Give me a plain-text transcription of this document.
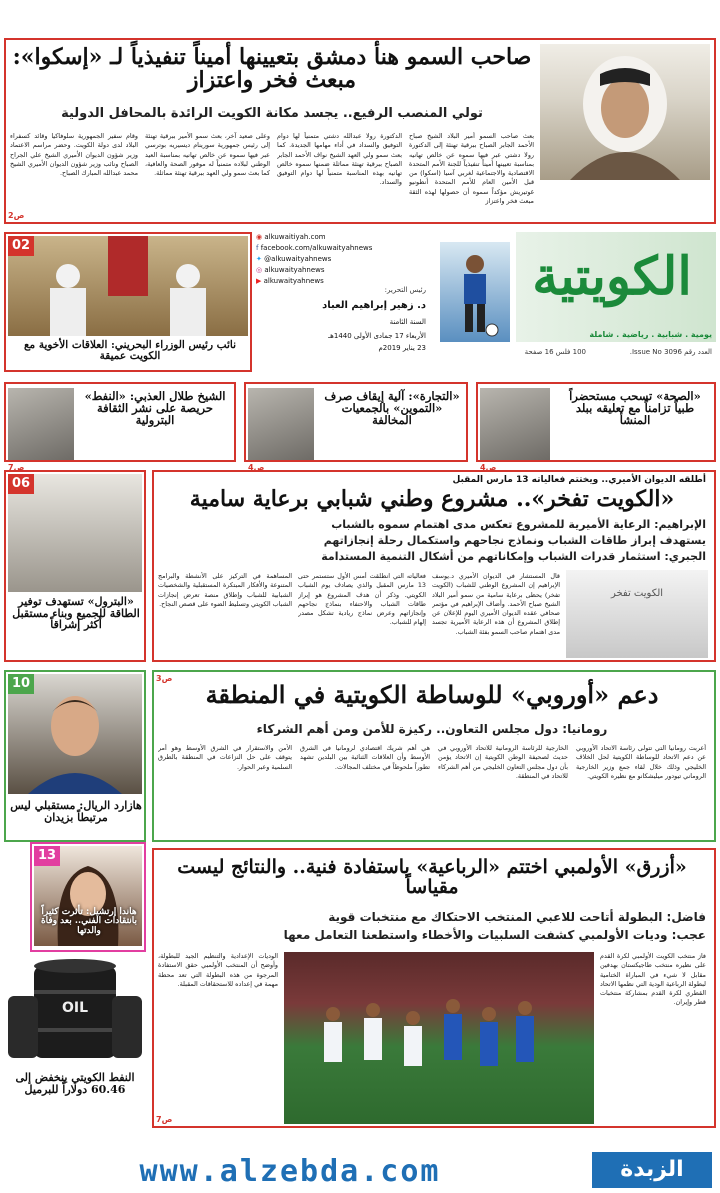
صاحب السمو هنأ دمشق بتعيينها أميناً تنفيذياً لـ «إسكوا»: مبعث فخر واعتزاز
تولي المنصب الرفيع.. يجسد مكانة الكويت الرائدة بالمحافل الدولية
بعث صاحب السمو أمير البلاد الشيخ صباح الأحمد الجابر الصباح ببرقية تهنئة إلى الدكتورة رولا دشتي عبر فيها سموه عن خالص تهانيه بمناسبة تعيينها أميناً تنفيذياً للجنة الأمم المتحدة الاقتصادية والاجتماعية لغربي آسيا (اسكوا) من قبل الأمين العام للأمم المتحدة أنطونيو غوتيريش مؤكداً سموه أن حصولها لهذه الثقة مبعث فخر واعتزاز
الدكتورة رولا عبدالله دشتي متمنياً لها دوام التوفيق والسداد في أداء مهامها الجديدة. كما بعث سمو ولي العهد الشيخ نواف الأحمد الجابر الصباح ببرقية تهنئة مماثلة ضمنها سموه خالص تهانيه بهذه المناسبة متمنياً لها دوام التوفيق والسداد.
وعلى صعيد آخر، بعث سمو الأمير ببرقية تهنئة إلى رئيس جمهورية سورينام ديسيريه بوترسي عبر فيها سموه عن خالص تهانيه بمناسبة العيد الوطني لبلاده متمنياً له موفور الصحة والعافية، كما بعث سمو ولي العهد ببرقية تهنئة مماثلة.
وقام سفير الجمهورية سلوفاكيا وقائد كسفراء البلاد لدى دولة الكويت. وحضر مراسم الاعتماد وزير شؤون الديوان الأميري الشيخ علي الجراح الصباح ونائب وزير شؤون الديوان الأميري الشيخ محمد عبدالله المبارك الصباح.
ص2
الكويتية
يومية . شبابية . رياضية . شاملة
العدد رقم 3096 Issue No.
100 فلس 16 صفحة
رئيس التحرير:
د. زهير إبراهيم العباد
السنة الثامنة
الأربعاء 17 جمادى الأولى 1440هـ
23 يناير 2019م
◉ alkuwaitiyah.com
f facebook.com/alkuwaityahnews
✦ @alkuwaityahnews
◎ alkuwaityahnews
▶ alkuwaityahnews
02
نائب رئيس الوزراء البحريني: العلاقات الأخوية مع الكويت عميقة
الشيخ طلال العذبي: «النفط» حريصة على نشر الثقافة البترولية
ص7
«التجارة»: آلية إيقاف صرف «التموين» بالجمعيات المخالفة
ص4
«الصحة» تسحب مستحضراً طبياً تزامناً مع تعليقه ببلد المنشأ
ص4
06
«البترول» تستهدف توفير الطاقة للجميع وبناء مستقبل أكثر إشراقاً
أطلقه الديوان الأميري.. ويختتم فعالياته 13 مارس المقبل
«الكويت تفخر».. مشروع وطني شبابي برعاية سامية
الإبراهيم: الرعاية الأميرية للمشروع تعكس مدى اهتمام سموه بالشباب
يستهدف إبراز طاقات الشباب ونماذج نجاحهم واستكمال رحلة إنجازاتهم
الجبري: استثمار قدرات الشباب وإمكاناتهم من أشكال التنمية المستدامة
الكويت تفخر
قال المستشار في الديوان الأميري د.يوسف الإبراهيم إن المشروع الوطني للشباب (الكويت تفخر) يحظى برعاية سامية من سمو أمير البلاد الشيخ صباح الأحمد. وأضاف الإبراهيم في مؤتمر صحافي عقده الديوان الأميري اليوم للإعلان عن إطلاق المشروع أن هذه الرعاية الأميرية تجسد مدى اهتمام صاحب السمو بفئة الشباب.
فعالياته التي انطلقت أمس الأول ستستمر حتى 13 مارس المقبل والذي يصادف يوم الشباب الكويتي. وذكر أن هدف المشروع هو إبراز طاقات الشباب والاحتفاء بنماذج نجاحهم وإنجازاتهم وعرض نماذج ريادية تشكل مصدر إلهام للشباب.
المساهمة في التركيز على الأنشطة والبرامج المتنوعة والأفكار المبتكرة المستقبلية والشخصيات الشبابية للشباب وإطلاق منصة تعرض إنجازات الشباب الكويتي وتسليط الضوء على قصص النجاح.
10
هازارد الريال: مستقبلي ليس مرتبطاً بزيدان
دعم «أوروبي» للوساطة الكويتية في المنطقة
رومانيا: دول مجلس التعاون.. ركيزة للأمن ومن أهم الشركاء
أعربت رومانيا التي تتولى رئاسة الاتحاد الأوروبي عن دعم الاتحاد للوساطة الكويتية لحل الخلاف الخليجي وذلك خلال لقاء جمع وزير الخارجية الروماني تيودور ميليشكانو مع نظيره الكويتي.
الخارجية للرئاسة الرومانية للاتحاد الأوروبي في حديث لصحيفة الوطن الكويتية إن الاتحاد يؤمن بأن دول مجلس التعاون الخليجي من أهم الشركاء للاتحاد في المنطقة.
هي أهم شريك اقتصادي لرومانيا في الشرق الأوسط وأن العلاقات الثنائية بين البلدين تشهد تطوراً ملحوظاً في مختلف المجالات.
الأمن والاستقرار في الشرق الأوسط وهو أمر يتوقف على حل النزاعات في المنطقة بالطرق السلمية وعبر الحوار.
ص3
13
هاندا إرتشيل: تأثرت كثيراً بانتقادات الفني.. بعد وفاة والدتها
OIL
النفط الكويتي ينخفض إلى 60.46 دولاراً للبرميل
«أزرق» الأولمبي اختتم «الرباعية» باستفادة فنية.. والنتائج ليست مقياساً
فاضل: البطولة أتاحت للاعبي المنتخب الاحتكاك مع منتخبات قوية
عجب: وديات الأولمبي كشفت السلبيات والأخطاء واستطعنا التعامل معها
فاز منتخب الكويت الأولمبي لكرة القدم على نظيره منتخب طاجيكستان بهدفين مقابل لا شيء في المباراة الختامية لبطولة الرباعية الودية التي نظمها الاتحاد القطري لكرة القدم بمشاركة منتخبات قطر وإيران.
الوديات الإعدادية والتنظيم الجيد للبطولة، وأوضح أن المنتخب الأولمبي حقق الاستفادة المرجوة من هذه البطولة التي تعد محطة مهمة في إعداده للاستحقاقات المقبلة.
ص7
www.alzebda.com	الزبدة
